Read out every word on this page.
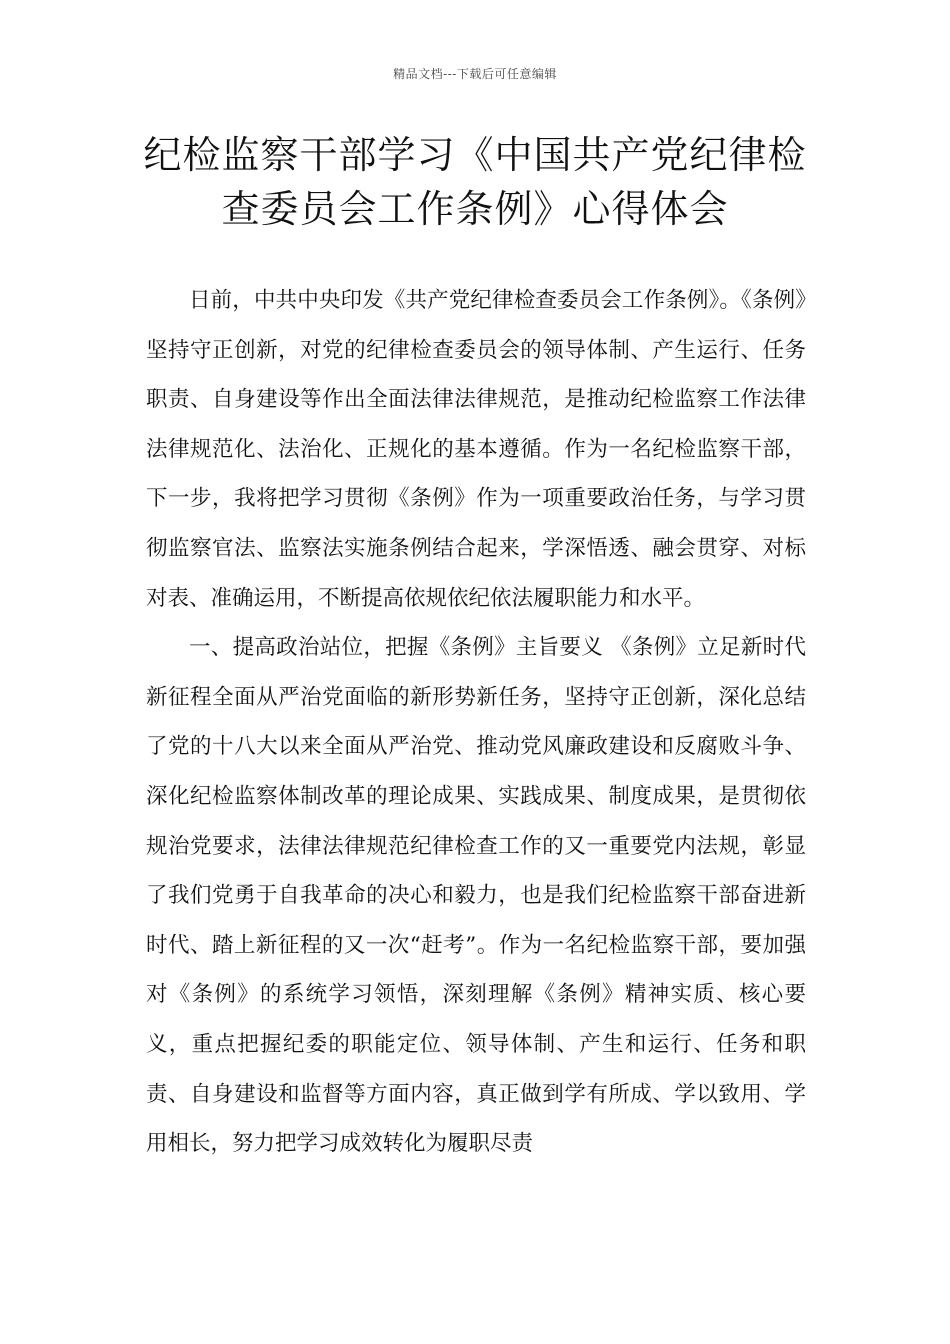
精品文档---下载后可任意编辑
纪检监察干部学习《中国共产党纪律检
查委员会工作条例》心得体会

日前，中共中央印发《共产党纪律检查委员会工作条例》。《条例》坚持守正创新，对党的纪律检查委员会的领导体制、产生运行、任务职责、自身建设等作出全面法律法律规范，是推动纪检监察工作法律法律规范化、法治化、正规化的基本遵循。作为一名纪检监察干部，下一步，我将把学习贯彻《条例》作为一项重要政治任务，与学习贯彻监察官法、监察法实施条例结合起来，学深悟透、融会贯穿、对标对表、准确运用，不断提高依规依纪依法履职能力和水平。

一、提高政治站位，把握《条例》主旨要义 《条例》立足新时代新征程全面从严治党面临的新形势新任务，坚持守正创新，深化总结了党的十八大以来全面从严治党、推动党风廉政建设和反腐败斗争、深化纪检监察体制改革的理论成果、实践成果、制度成果，是贯彻依规治党要求，法律法律规范纪律检查工作的又一重要党内法规，彰显了我们党勇于自我革命的决心和毅力，也是我们纪检监察干部奋进新时代、踏上新征程的又一次“赶考”。作为一名纪检监察干部，要加强对《条例》的系统学习领悟，深刻理解《条例》精神实质、核心要义，重点把握纪委的职能定位、领导体制、产生和运行、任务和职责、自身建设和监督等方面内容，真正做到学有所成、学以致用、学用相长，努力把学习成效转化为履职尽责
